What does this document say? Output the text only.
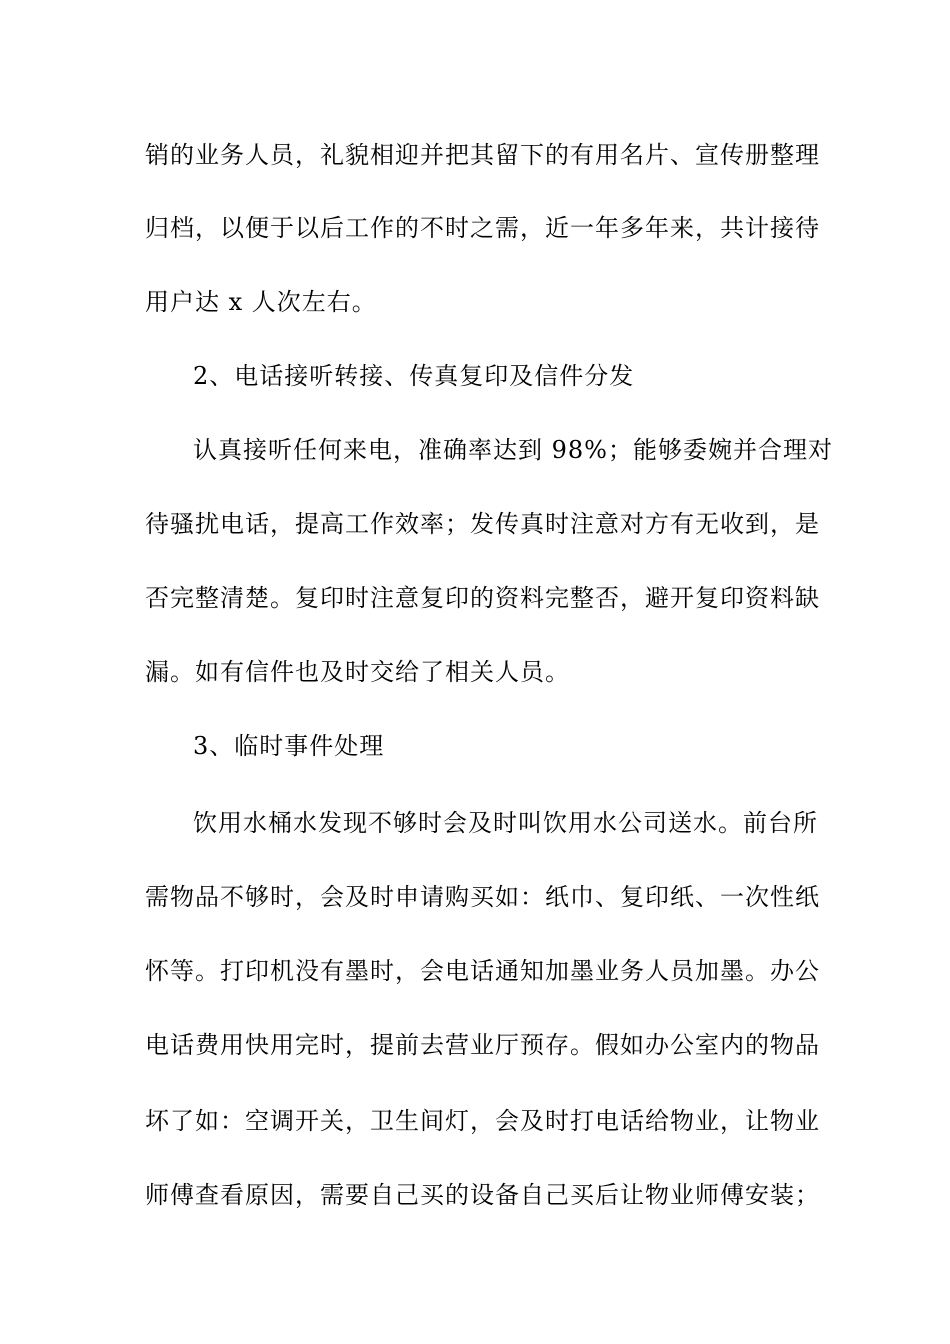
销的业务人员，礼貌相迎并把其留下的有用名片、宣传册整理

归档，以便于以后工作的不时之需，近一年多年来，共计接待

用户达 x 人次左右。

2、电话接听转接、传真复印及信件分发

认真接听任何来电，准确率达到 98%；能够委婉并合理对

待骚扰电话，提高工作效率；发传真时注意对方有无收到，是

否完整清楚。复印时注意复印的资料完整否，避开复印资料缺

漏。如有信件也及时交给了相关人员。

3、临时事件处理

饮用水桶水发现不够时会及时叫饮用水公司送水。前台所

需物品不够时，会及时申请购买如：纸巾、复印纸、一次性纸

怀等。打印机没有墨时，会电话通知加墨业务人员加墨。办公

电话费用快用完时，提前去营业厅预存。假如办公室内的物品

坏了如：空调开关，卫生间灯，会及时打电话给物业，让物业

师傅查看原因，需要自己买的设备自己买后让物业师傅安装；
